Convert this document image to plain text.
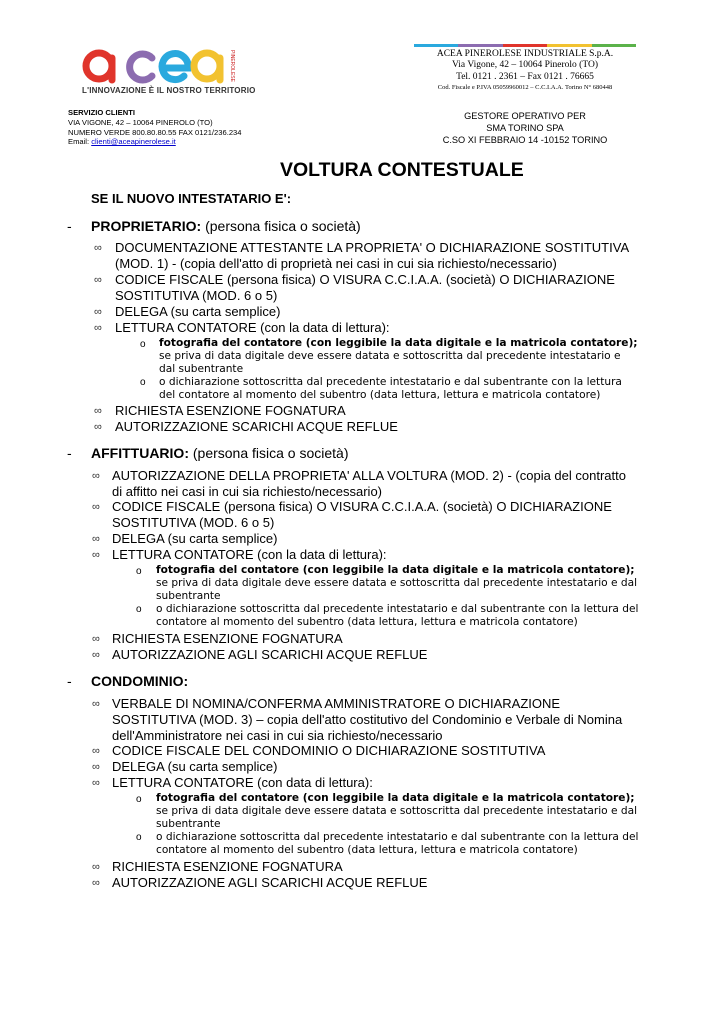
PINEROLESE
L'INNOVAZIONE È IL NOSTRO TERRITORIO
ACEA PINEROLESE INDUSTRIALE S.p.A.
Via Vigone, 42 – 10064 Pinerolo (TO)
Tel. 0121 . 2361 – Fax 0121 . 76665
Cod. Fiscale e P.IVA 05059960012 – C.C.I.A.A. Torino N° 680448
SERVIZIO CLIENTI
VIA VIGONE, 42 – 10064 PINEROLO (TO)
NUMERO VERDE 800.80.80.55 FAX 0121/236.234
Email: clienti@aceapinerolese.it
GESTORE OPERATIVO PER
SMA TORINO SPA
C.SO XI FEBBRAIO 14 -10152 TORINO
VOLTURA CONTESTUALE
SE IL NUOVO INTESTATARIO E':
- PROPRIETARIO: (persona fisica o società)
∞ DOCUMENTAZIONE ATTESTANTE LA PROPRIETA' O DICHIARAZIONE SOSTITUTIVA
(MOD. 1) - (copia dell'atto di proprietà nei casi in cui sia richiesto/necessario)
∞ CODICE FISCALE (persona fisica) O VISURA C.C.I.A.A. (società) O DICHIARAZIONE
SOSTITUTIVA (MOD. 6 o 5)
∞ DELEGA (su carta semplice)
∞ LETTURA CONTATORE (con la data di lettura):
o fotografia del contatore (con leggibile la data digitale e la matricola contatore);
se priva di data digitale deve essere datata e sottoscritta dal precedente intestatario e
dal subentrante
o o dichiarazione sottoscritta dal precedente intestatario e dal subentrante con la lettura
del contatore al momento del subentro (data lettura, lettura e matricola contatore)
∞ RICHIESTA ESENZIONE FOGNATURA
∞ AUTORIZZAZIONE SCARICHI ACQUE REFLUE
- AFFITTUARIO: (persona fisica o società)
∞ AUTORIZZAZIONE DELLA PROPRIETA' ALLA VOLTURA (MOD. 2) - (copia del contratto
di affitto nei casi in cui sia richiesto/necessario)
∞ CODICE FISCALE (persona fisica) O VISURA C.C.I.A.A. (società) O DICHIARAZIONE
SOSTITUTIVA (MOD. 6 o 5)
∞ DELEGA (su carta semplice)
∞ LETTURA CONTATORE (con la data di lettura):
o fotografia del contatore (con leggibile la data digitale e la matricola contatore);
se priva di data digitale deve essere datata e sottoscritta dal precedente intestatario e dal
subentrante
o o dichiarazione sottoscritta dal precedente intestatario e dal subentrante con la lettura del
contatore al momento del subentro (data lettura, lettura e matricola contatore)
∞ RICHIESTA ESENZIONE FOGNATURA
∞ AUTORIZZAZIONE AGLI SCARICHI ACQUE REFLUE
- CONDOMINIO:
∞ VERBALE DI NOMINA/CONFERMA AMMINISTRATORE O DICHIARAZIONE
SOSTITUTIVA (MOD. 3) – copia dell'atto costitutivo del Condominio e Verbale di Nomina
dell'Amministratore nei casi in cui sia richiesto/necessario
∞ CODICE FISCALE DEL CONDOMINIO O DICHIARAZIONE SOSTITUTIVA
∞ DELEGA (su carta semplice)
∞ LETTURA CONTATORE (con data di lettura):
o fotografia del contatore (con leggibile la data digitale e la matricola contatore);
se priva di data digitale deve essere datata e sottoscritta dal precedente intestatario e dal
subentrante
o o dichiarazione sottoscritta dal precedente intestatario e dal subentrante con la lettura del
contatore al momento del subentro (data lettura, lettura e matricola contatore)
∞ RICHIESTA ESENZIONE FOGNATURA
∞ AUTORIZZAZIONE AGLI SCARICHI ACQUE REFLUE
